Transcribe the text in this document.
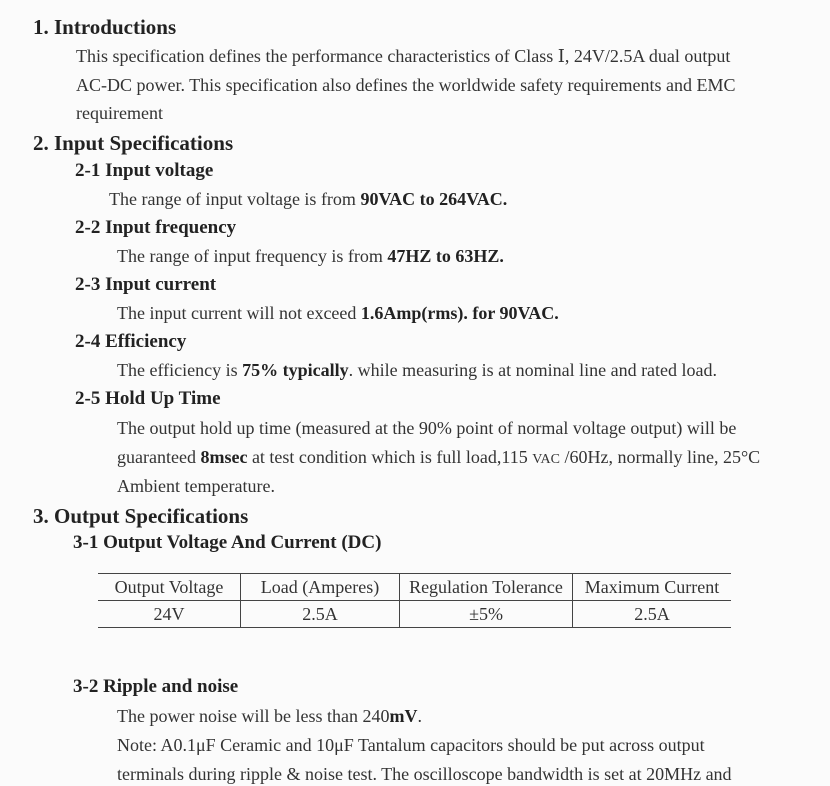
1. Introductions
This specification defines the performance characteristics of Class Ⅰ, 24V/2.5A dual output
AC-DC power. This specification also defines the worldwide safety requirements and EMC
requirement
2. Input Specifications
2-1 Input voltage
The range of input voltage is from 90VAC to 264VAC.
2-2 Input frequency
The range of input frequency is from 47HZ to 63HZ.
2-3 Input current
The input current will not exceed 1.6Amp(rms). for 90VAC.
2-4 Efficiency
The efficiency is 75% typically. while measuring is at nominal line and rated load.
2-5 Hold Up Time
The output hold up time (measured at the 90% point of normal voltage output) will be
guaranteed 8msec at test condition which is full load,115 VAC /60Hz, normally line, 25°C
Ambient temperature.
3. Output Specifications
3-1 Output Voltage And Current (DC)
Output Voltage	Load (Amperes)	Regulation Tolerance	Maximum Current
24V	2.5A	±5%	2.5A
3-2 Ripple and noise
The power noise will be less than 240mV.
Note: A0.1μF Ceramic and 10μF Tantalum capacitors should be put across output
terminals during ripple & noise test. The oscilloscope bandwidth is set at 20MHz and
